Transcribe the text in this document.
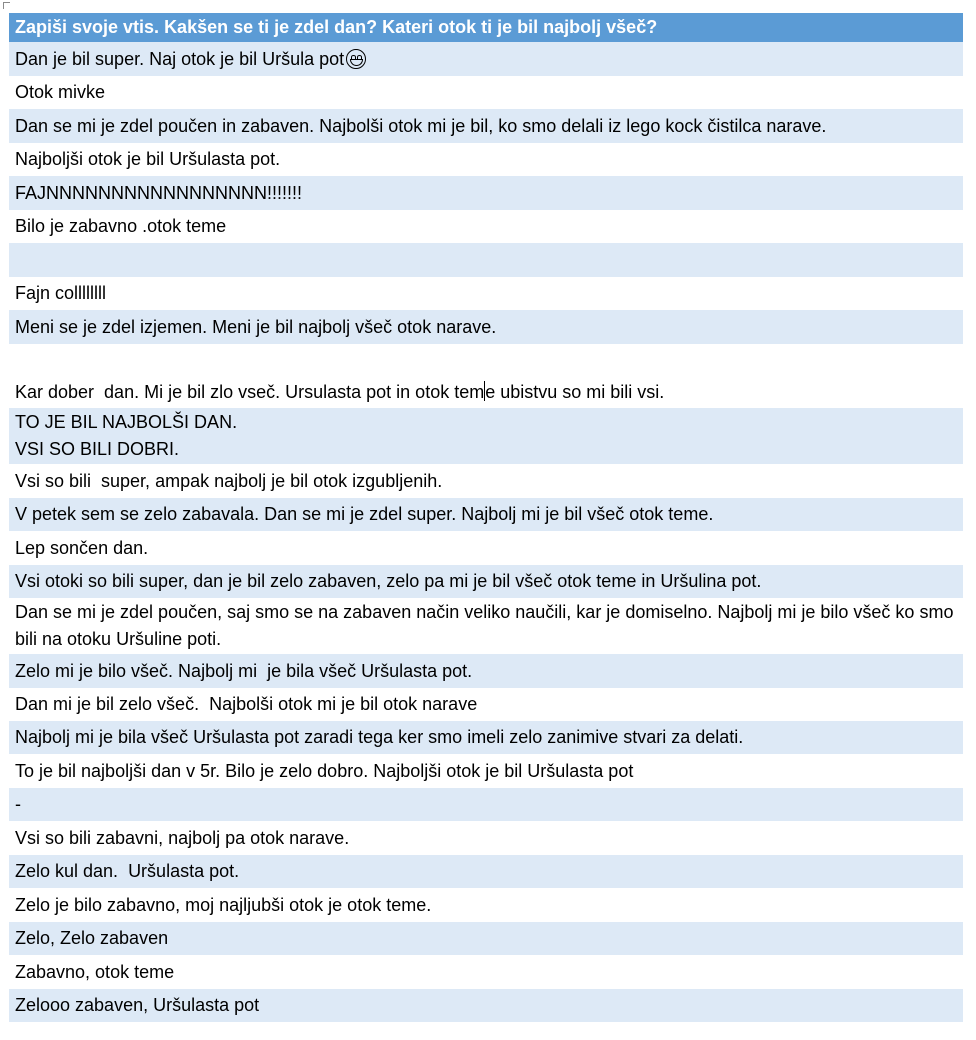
Zapiši svoje vtis. Kakšen se ti je zdel dan? Kateri otok ti je bil najbolj všeč?
Dan je bil super. Naj otok je bil Uršula pot
Otok mivke
Dan se mi je zdel poučen in zabaven. Najbolši otok mi je bil, ko smo delali iz lego kock čistilca narave.
Najboljši otok je bil Uršulasta pot.
FAJNNNNNNNNNNNNNNNNN!!!!!!!
Bilo je zabavno .otok teme
Fajn collllllll
Meni se je zdel izjemen. Meni je bil najbolj všeč otok narave.
Kar dober  dan. Mi je bil zlo vseč. Ursulasta pot in otok teme ubistvu so mi bili vsi.
TO JE BIL NAJBOLŠI DAN.
VSI SO BILI DOBRI.
Vsi so bili  super, ampak najbolj je bil otok izgubljenih.
V petek sem se zelo zabavala. Dan se mi je zdel super. Najbolj mi je bil všeč otok teme.
Lep sončen dan.
Vsi otoki so bili super, dan je bil zelo zabaven, zelo pa mi je bil všeč otok teme in Uršulina pot.
Dan se mi je zdel poučen, saj smo se na zabaven način veliko naučili, kar je domiselno. Najbolj mi je bilo všeč ko smo bili na otoku Uršuline poti.
Zelo mi je bilo všeč. Najbolj mi  je bila všeč Uršulasta pot.
Dan mi je bil zelo všeč.  Najbolši otok mi je bil otok narave
Najbolj mi je bila všeč Uršulasta pot zaradi tega ker smo imeli zelo zanimive stvari za delati.
To je bil najboljši dan v 5r. Bilo je zelo dobro. Najboljši otok je bil Uršulasta pot
-
Vsi so bili zabavni, najbolj pa otok narave.
Zelo kul dan.  Uršulasta pot.
Zelo je bilo zabavno, moj najljubši otok je otok teme.
Zelo, Zelo zabaven
Zabavno, otok teme
Zelooo zabaven, Uršulasta pot
